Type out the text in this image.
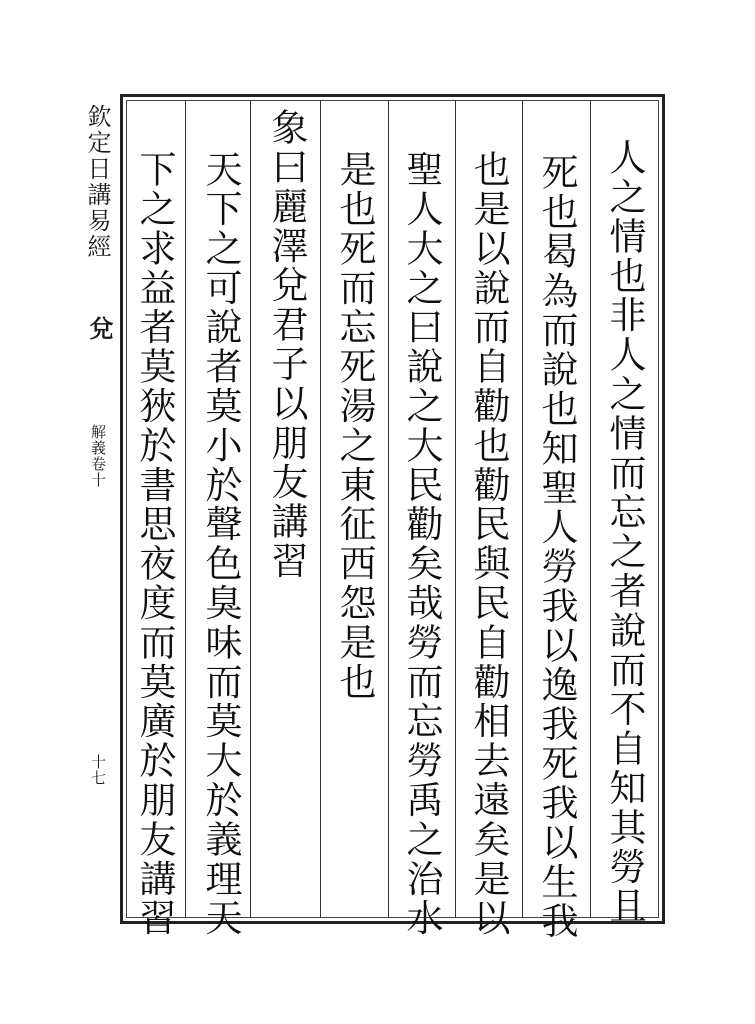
欽定日講易經
兌
解義卷十
十七	人之情也非人之情而忘之者說而不自知其勞且
死也曷為而說也知聖人勞我以逸我死我以生我
也是以說而自勸也勸民與民自勸相去遠矣是以
聖人大之曰說之大民勸矣哉勞而忘勞禹之治水
是也死而忘死湯之東征西怨是也
象曰麗澤兌君子以朋友講習
天下之可說者莫小於聲色臭味而莫大於義理天
下之求益者莫狹於書思夜度而莫廣於朋友講習
